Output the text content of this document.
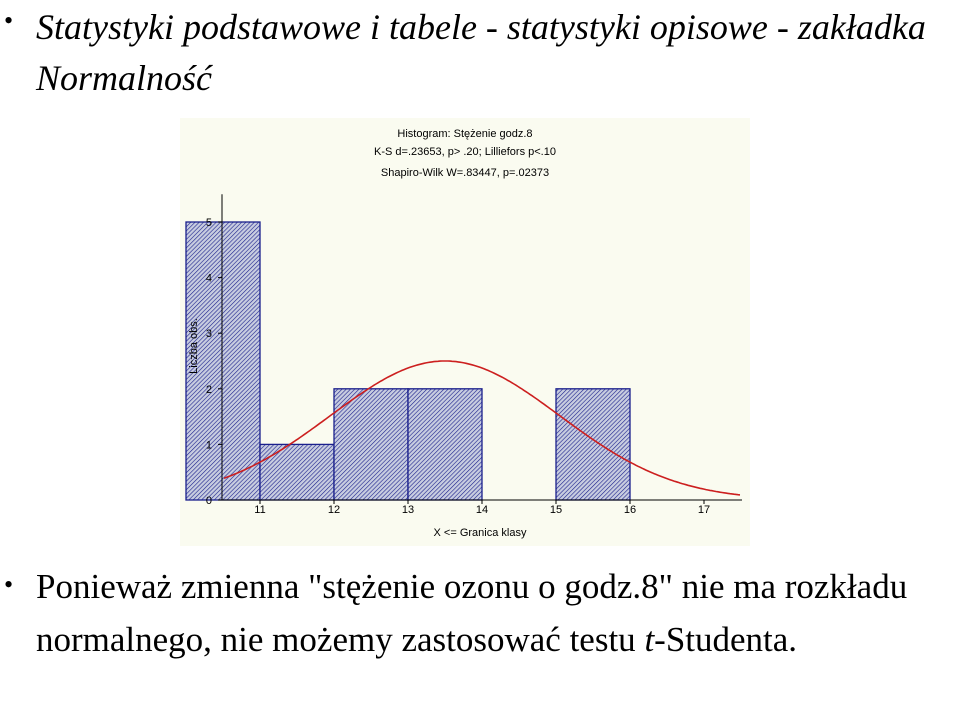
• Statystyki podstawowe i tabele - statystyki opisowe - zakładka Normalność
Histogram: Stężenie godz.8
K-S d=.23653, p> .20; Lilliefors p<.10
Shapiro-Wilk W=.83447, p=.02373
0
1
2
3
4
5
11	12	13	14	15	16	17
X <= Granica klasy
Liczba obs.
• Ponieważ zmienna "stężenie ozonu o godz.8" nie ma rozkładu normalnego, nie możemy zastosować testu t-Studenta.
